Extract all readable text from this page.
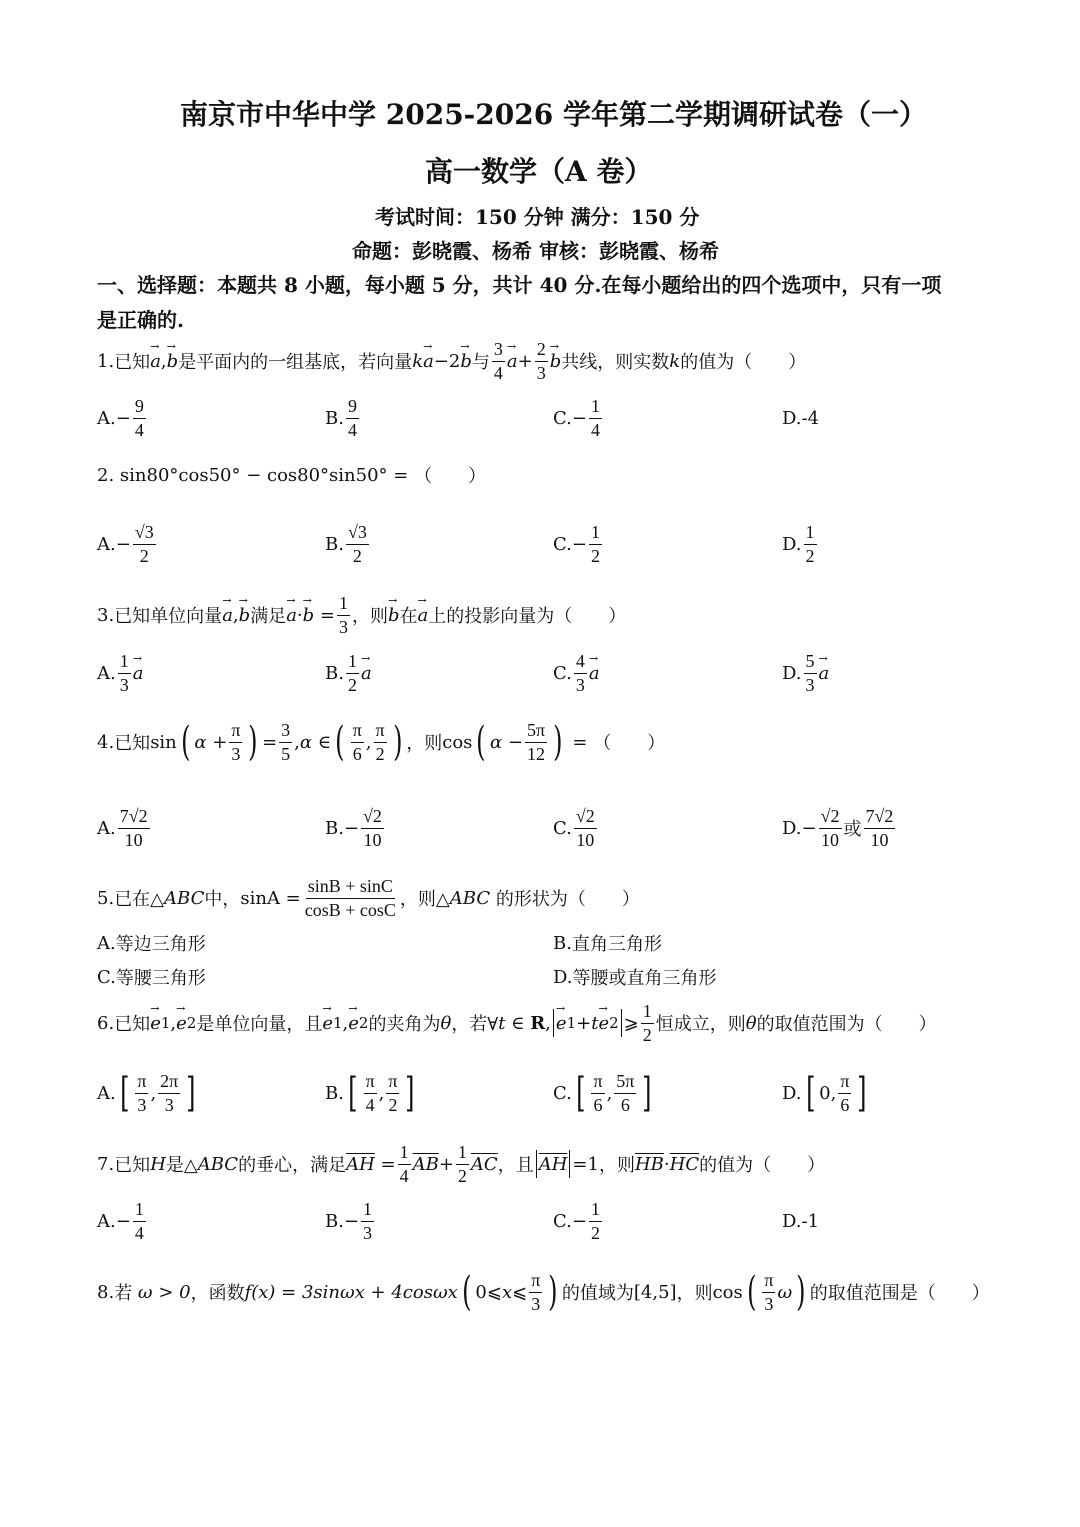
南京市中华中学 2025-2026 学年第二学期调研试卷（一）
高一数学（A 卷）
考试时间：150 分钟 满分：150 分
命题：彭晓霞、杨希 审核：彭晓霞、杨希
一、选择题：本题共 8 小题，每小题 5 分，共计 40 分.在每小题给出的四个选项中，只有一项
是正确的.
1. 已知 → a , → b 是平面内的一组基底，若向量 k → a −2 → b 与 $\frac{3}{4} \to a + \frac{2}{3} \to b$ 共线，则实数 k 的值为（　　）
A. − $\frac{9}{4}$	B. $\frac{9}{4}$	C. − $\frac{1}{4}$	D. -4
2.
sin80°cos50° − cos80°sin50° =
（　　）
A. − $\frac{√3}{2}$	B. $\frac{√3}{2}$	C. − $\frac{1}{2}$	D. $\frac{1}{2}$
3. 已知单位向量 → a , → b 满足 → a · → $b = \frac{1}{3}$ ，则 → b 在 → a 上的投影向量为（　　）
A. $\frac{1}{3} \to a$	B. $\frac{1}{2} \to a$	C. $\frac{4}{3} \to a$	D. $\frac{5}{3} \to a$
4. 已知 sin ( $\alpha + \frac{\pi}{3}$ ) = $\frac{3}{5}$ , α ∈ ( $\frac{\pi}{6}$ , $\frac{\pi}{2}$ ) ，则 cos ( $\alpha - \frac{5\pi}{12}$ ) = （　　）
A. $\frac{7√2}{10}$	B. − $\frac{√2}{10}$	C. $\frac{√2}{10}$	D. − $\frac{√2}{10}$ 或 $\frac{7√2}{10}$
5. 已在△ ABC 中， $\sin A = \frac{\sin B + \sin C}{\cos B + \cos C}$ ，则△ ABC
的形状为（　　）
A. 等边三角形	B. 直角三角形
C. 等腰三角形	D. 等腰或直角三角形
6. 已知 → e 1 , → e 2 是单位向量，且 → e 1 , → e 2 的夹角为 θ ，若∀ t ∈ R , → e 1 + t → e 2 ⩾ $\frac{1}{2}$ 恒成立，则 θ 的取值范围为（　　）
A. [ $\frac{\pi}{3}$ , $\frac{2\pi}{3}$ ]	B. [ $\frac{\pi}{4}$ , $\frac{\pi}{2}$ ]	C. [ $\frac{\pi}{6}$ , $\frac{5\pi}{6}$ ]	D. [ 0 , $\frac{\pi}{6}$ ]
7. 已知 H 是△ ABC 的垂心，满足 $\overline{AH} = \frac{1}{4} \overline{AB} + \frac{1}{2} \overline{AC}$ ，且 $\overline{AH} =1$ ，则 $\overline{HB} \cdot \overline{HC}$ 的值为（　　）
A. − $\frac{1}{4}$	B. − $\frac{1}{3}$	C. − $\frac{1}{2}$	D. -1
8. 若
ω > 0 ，函数 f(x) = 3sinωx + 4cosωx ( 0⩽ x ⩽ $\frac{\pi}{3}$ ) 的值域为 [4,5] ，则 cos ( $\frac{\pi}{3}$ ω ) 的取值范围是（　　）
